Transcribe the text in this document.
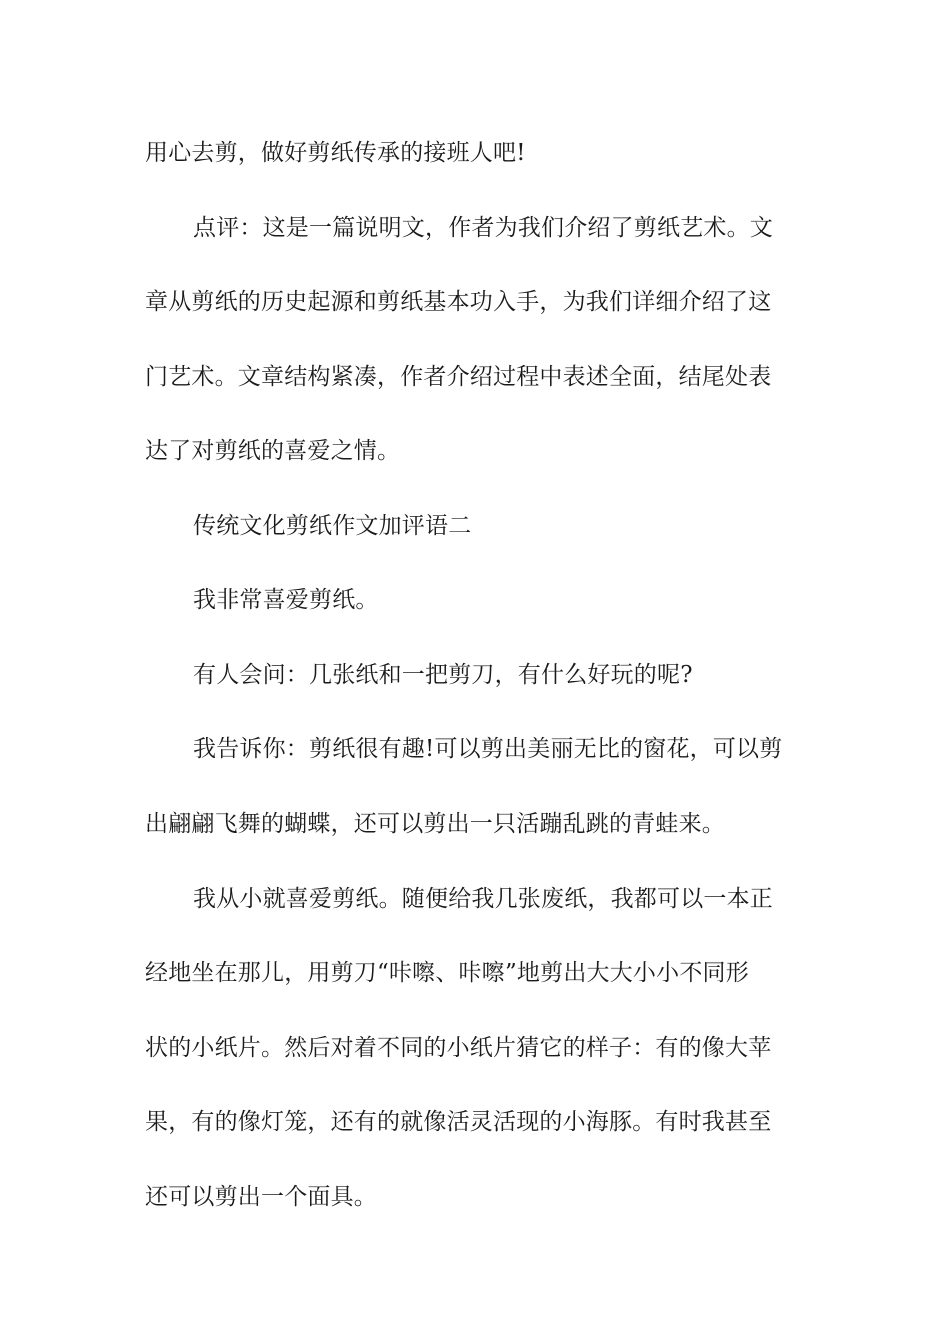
用心去剪，做好剪纸传承的接班人吧!

点评：这是一篇说明文，作者为我们介绍了剪纸艺术。文

章从剪纸的历史起源和剪纸基本功入手，为我们详细介绍了这

门艺术。文章结构紧凑，作者介绍过程中表述全面，结尾处表

达了对剪纸的喜爱之情。

传统文化剪纸作文加评语二

我非常喜爱剪纸。

有人会问：几张纸和一把剪刀，有什么好玩的呢?

我告诉你：剪纸很有趣!可以剪出美丽无比的窗花，可以剪

出翩翩飞舞的蝴蝶，还可以剪出一只活蹦乱跳的青蛙来。

我从小就喜爱剪纸。随便给我几张废纸，我都可以一本正

经地坐在那儿，用剪刀“咔嚓、咔嚓”地剪出大大小小不同形

状的小纸片。然后对着不同的小纸片猜它的样子：有的像大苹

果，有的像灯笼，还有的就像活灵活现的小海豚。有时我甚至

还可以剪出一个面具。
